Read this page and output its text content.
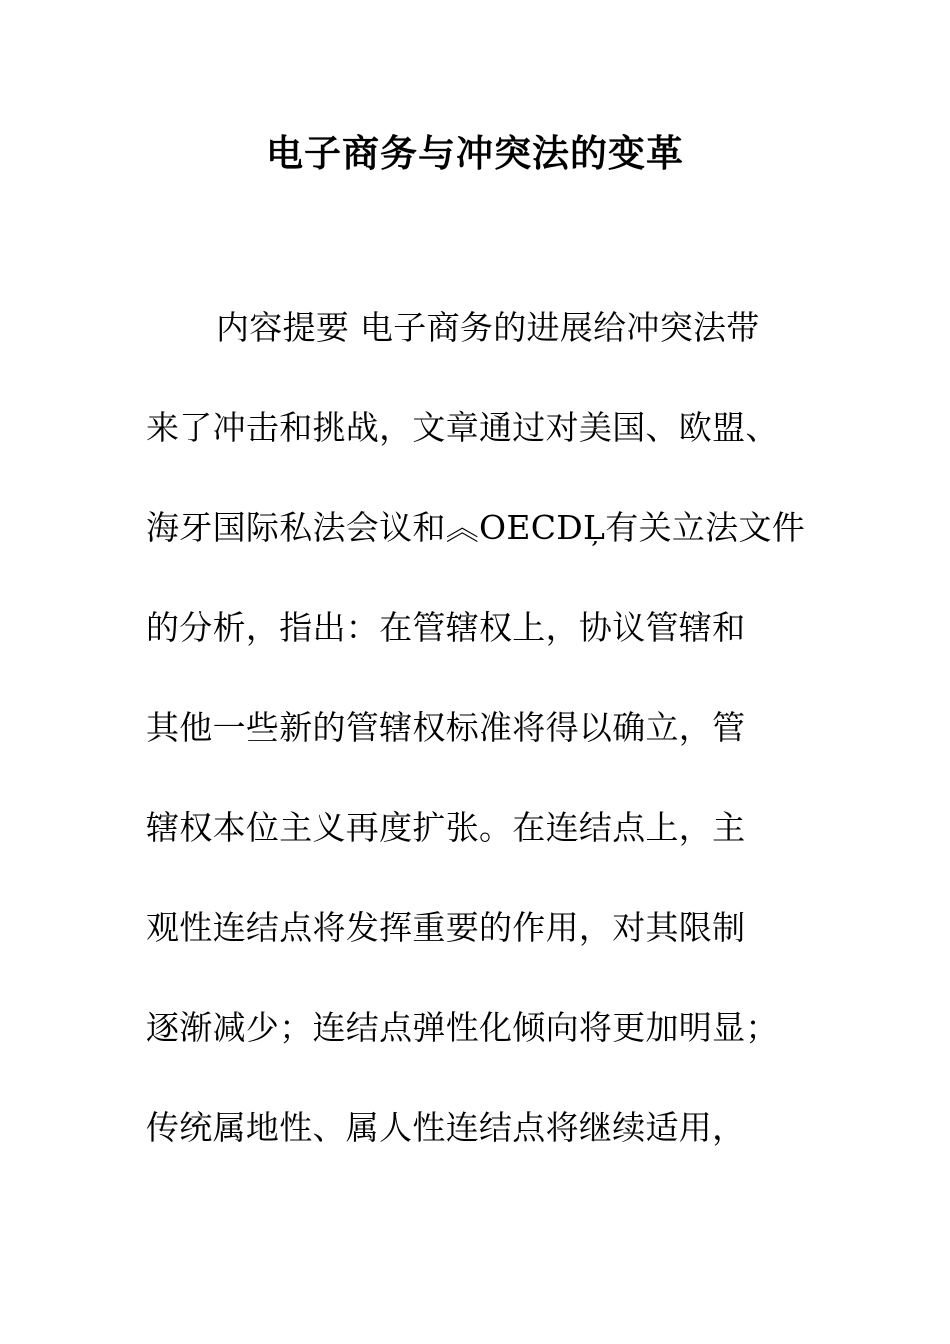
电子商务与冲突法的变革
内容提要 电子商务的进展给冲突法带
来了冲击和挑战，文章通过对美国、欧盟、
海牙国际私法会议和︽OECDĻ有关立法文件
的分析，指出：在管辖权上，协议管辖和
其他一些新的管辖权标准将得以确立，管
辖权本位主义再度扩张。在连结点上，主
观性连结点将发挥重要的作用，对其限制
逐渐减少；连结点弹性化倾向将更加明显；
传统属地性、属人性连结点将继续适用，
